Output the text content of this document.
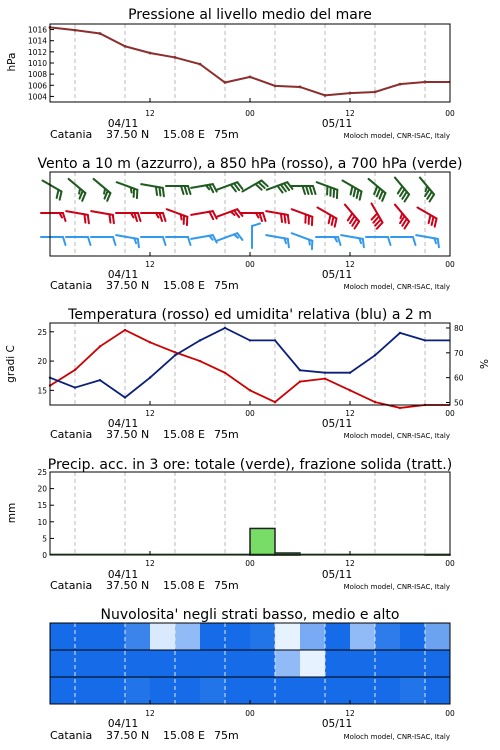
Pressione al livello medio del mare
hPa
1004
1006
1008
1010
1012
1014
1016
12	00	12	00
04/11	05/11
Catania 37.50 N 15.08 E 75m	Moloch model, CNR-ISAC, Italy
Vento a 10 m (azzurro), a 850 hPa (rosso), a 700 hPa (verde)
12	00	12	00
04/11	05/11
Catania 37.50 N 15.08 E 75m	Moloch model, CNR-ISAC, Italy
Temperatura (rosso) ed umidita' relativa (blu) a 2 m
gradi C	%
15
20
25
50
60
70
80
12	00	12	00
04/11	05/11
Catania 37.50 N 15.08 E 75m	Moloch model, CNR-ISAC, Italy
Precip. acc. in 3 ore: totale (verde), frazione solida (tratt.)
mm
0
5
10
15
20
25
12	00	12	00
04/11	05/11
Catania 37.50 N 15.08 E 75m	Moloch model, CNR-ISAC, Italy
Nuvolosita' negli strati basso, medio e alto
12	00	12	00
04/11	05/11
Catania 37.50 N 15.08 E 75m	Moloch model, CNR-ISAC, Italy
